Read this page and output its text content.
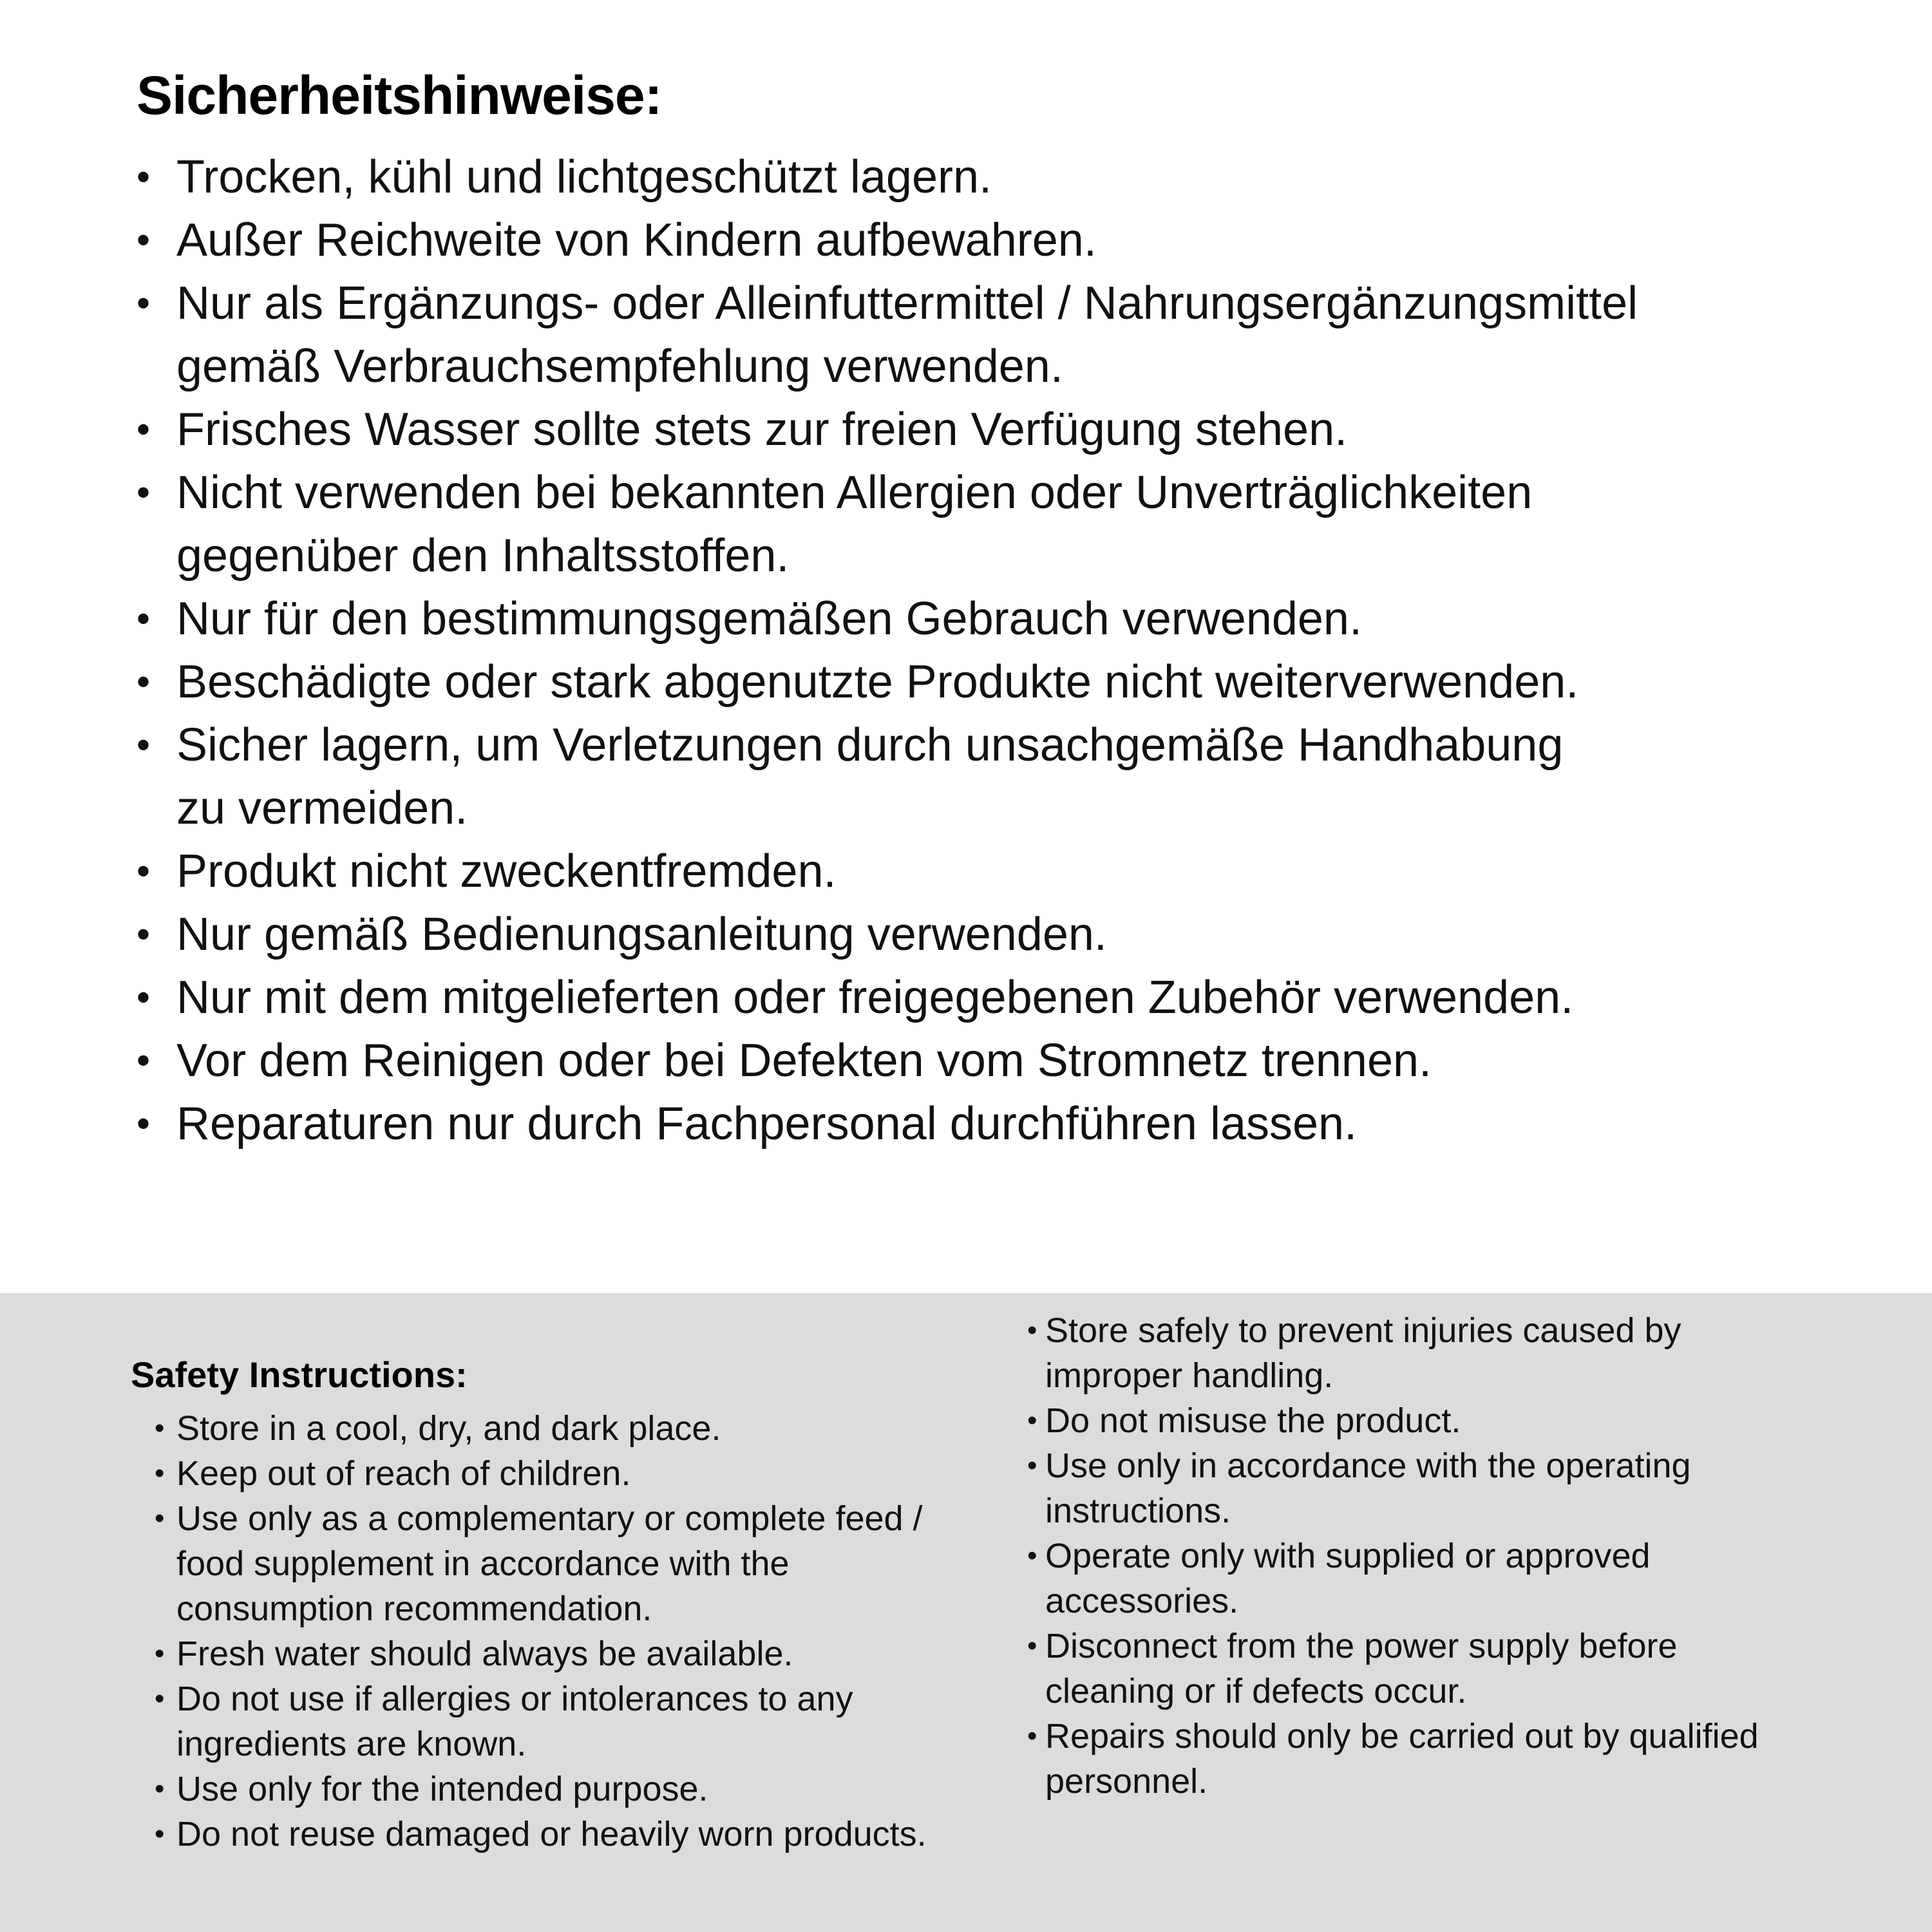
Sicherheitshinweise:
• Trocken, kühl und lichtgeschützt lagern.
• Außer Reichweite von Kindern aufbewahren.
• Nur als Ergänzungs- oder Alleinfuttermittel / Nahrungsergänzungsmittel
gemäß Verbrauchsempfehlung verwenden.
• Frisches Wasser sollte stets zur freien Verfügung stehen.
• Nicht verwenden bei bekannten Allergien oder Unverträglichkeiten
gegenüber den Inhaltsstoffen.
• Nur für den bestimmungsgemäßen Gebrauch verwenden.
• Beschädigte oder stark abgenutzte Produkte nicht weiterverwenden.
• Sicher lagern, um Verletzungen durch unsachgemäße Handhabung
zu vermeiden.
• Produkt nicht zweckentfremden.
• Nur gemäß Bedienungsanleitung verwenden.
• Nur mit dem mitgelieferten oder freigegebenen Zubehör verwenden.
• Vor dem Reinigen oder bei Defekten vom Stromnetz trennen.
• Reparaturen nur durch Fachpersonal durchführen lassen.
Safety Instructions:
• Store in a cool, dry, and dark place.
• Keep out of reach of children.
• Use only as a complementary or complete feed /
food supplement in accordance with the
consumption recommendation.
• Fresh water should always be available.
• Do not use if allergies or intolerances to any
ingredients are known.
• Use only for the intended purpose.
• Do not reuse damaged or heavily worn products.
• Store safely to prevent injuries caused by
improper handling.
• Do not misuse the product.
• Use only in accordance with the operating
instructions.
• Operate only with supplied or approved
accessories.
• Disconnect from the power supply before
cleaning or if defects occur.
• Repairs should only be carried out by qualified
personnel.
